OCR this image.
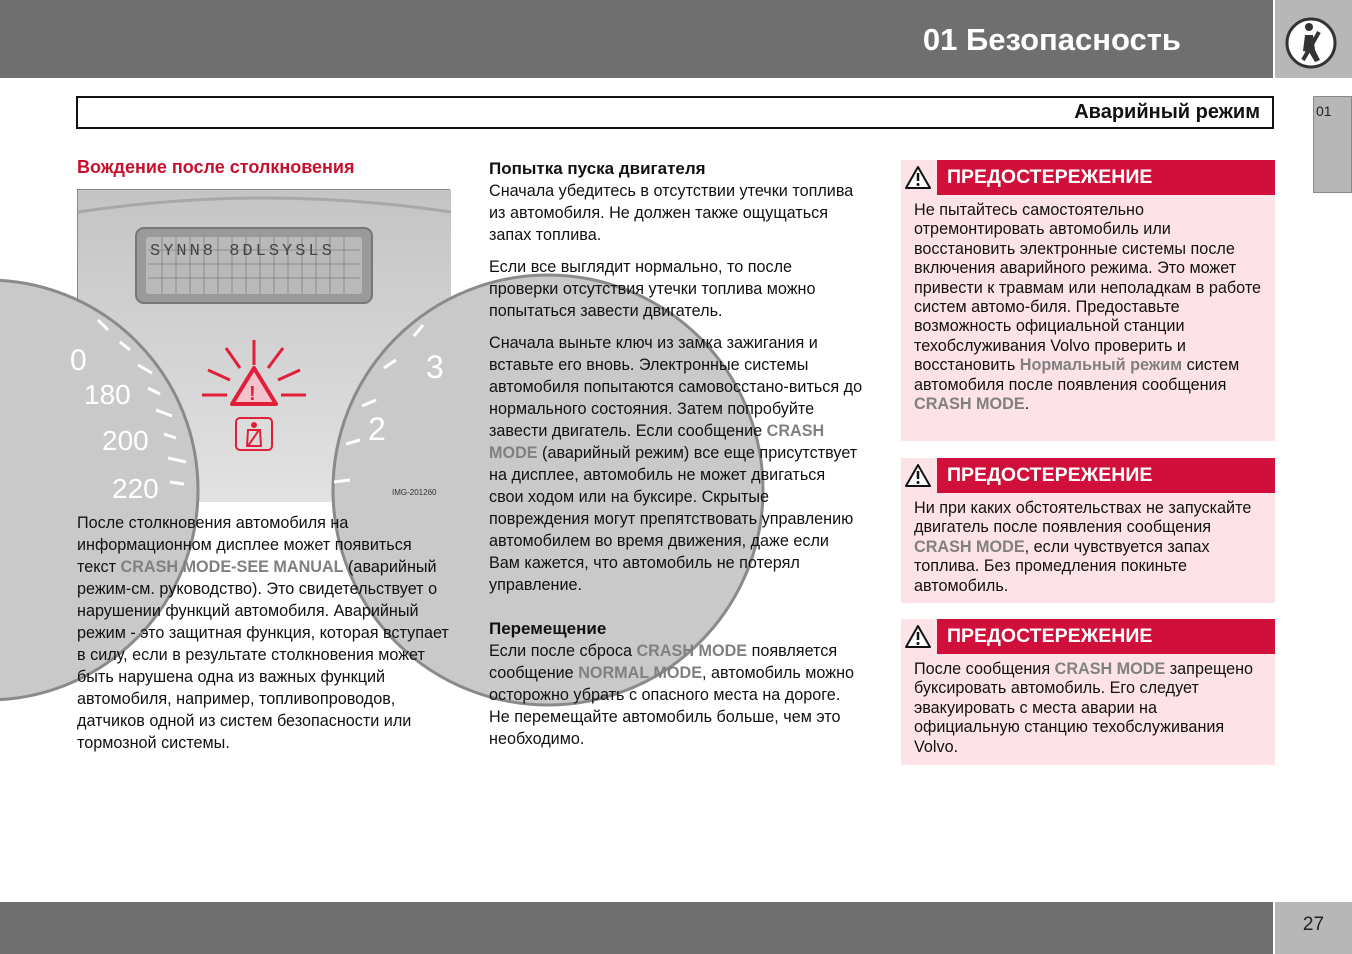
01 Безопасность
01
Аварийный режим

Вождение после столкновения

SYNN8 8DLSYSLS
0
180
200
220
3
2
!
IMG-201260

После столкновения автомобиля на информационном дисплее может появиться текст CRASH MODE-SEE MANUAL (аварийный режим-см. руководство). Это свидетельствует о нарушении функций автомобиля. Аварийный режим - это защитная функция, которая вступает в силу, если в результате столкновения может быть нарушена одна из важных функций автомобиля, например, топливопроводов, датчиков одной из систем безопасности или тормозной системы.

Попытка пуска двигателя

Сначала убедитесь в отсутствии утечки топлива из автомобиля. Не должен также ощущаться запах топлива.

Если все выглядит нормально, то после проверки отсутствия утечки топлива можно попытаться завести двигатель.

Сначала выньте ключ из замка зажигания и вставьте его вновь. Электронные системы автомобиля попытаются самовосстано-виться до нормального состояния. Затем попробуйте завести двигатель. Если сообщение CRASH MODE (аварийный режим) все еще присутствует на дисплее, автомобиль не может двигаться свои ходом или на буксире. Скрытые повреждения могут препятствовать управлению автомобилем во время движения, даже если Вам кажется, что автомобиль не потерял управление.

Перемещение

Если после сброса CRASH MODE появляется сообщение NORMAL MODE, автомобиль можно осторожно убрать с опасного места на дороге. Не перемещайте автомобиль больше, чем это необходимо.

ПРЕДОСТЕРЕЖЕНИЕ
Не пытайтесь самостоятельно отремонтировать автомобиль или восстановить электронные системы после включения аварийного режима. Это может привести к травмам или неполадкам в работе систем автомо-биля. Предоставьте возможность официальной станции техобслуживания Volvo проверить и восстановить Нормальный режим систем автомобиля после появления сообщения CRASH MODE.
ПРЕДОСТЕРЕЖЕНИЕ
Ни при каких обстоятельствах не запускайте двигатель после появления сообщения CRASH MODE, если чувствуется запах топлива. Без промедления покиньте автомобиль.
ПРЕДОСТЕРЕЖЕНИЕ
После сообщения CRASH MODE запрещено буксировать автомобиль. Его следует эвакуировать с места аварии на официальную станцию техобслуживания Volvo.
27
